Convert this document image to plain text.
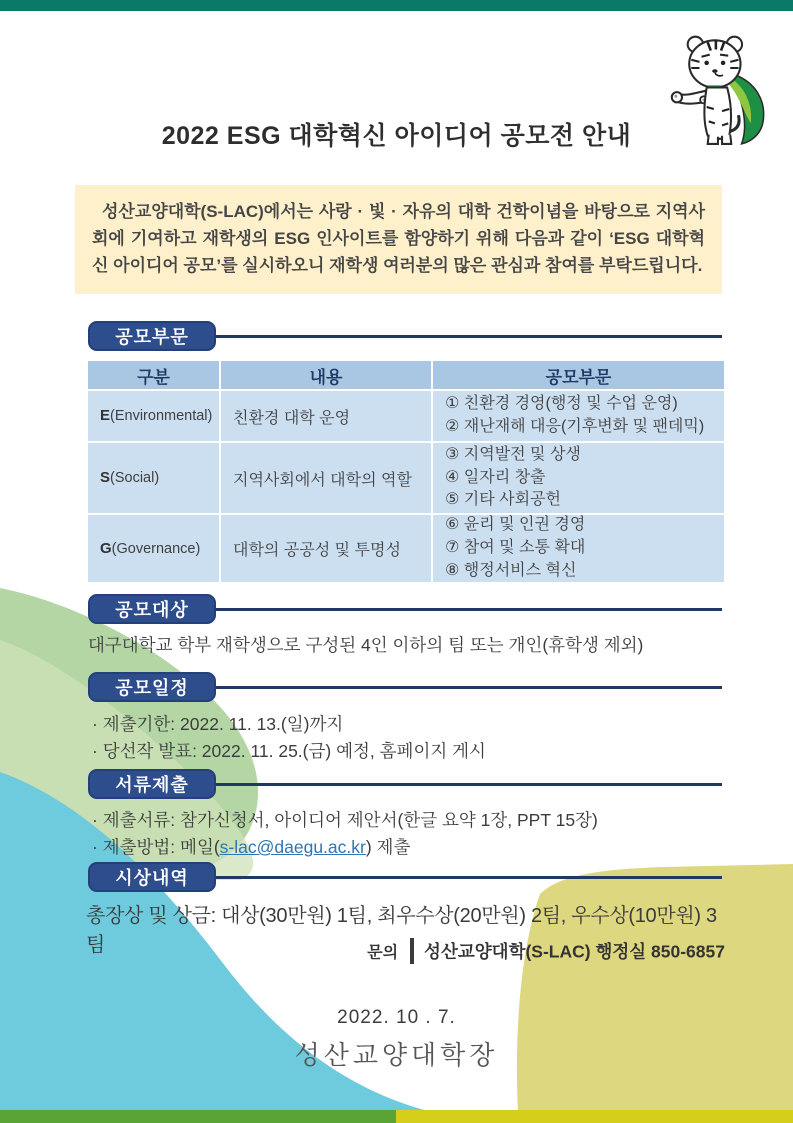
2022 ESG 대학혁신 아이디어 공모전 안내
성산교양대학(S-LAC)에서는 사랑 · 빛 · 자유의 대학 건학이념을 바탕으로 지역사회에 기여하고 재학생의 ESG 인사이트를 함양하기 위해 다음과 같이 ‘ESG 대학혁신 아이디어 공모’를 실시하오니 재학생 여러분의 많은 관심과 참여를 부탁드립니다.
공모부문
구분	내용	공모부문
E(Environmental)	친환경 대학 운영
① 친환경 경영(행정 및 수업 운영)
② 재난재해 대응(기후변화 및 팬데믹)
S(Social)	지역사회에서 대학의 역할
③ 지역발전 및 상생
④ 일자리 창출
⑤ 기타 사회공헌
G(Governance)	대학의 공공성 및 투명성
⑥ 윤리 및 인권 경영
⑦ 참여 및 소통 확대
⑧ 행정서비스 혁신
공모대상
대구대학교 학부 재학생으로 구성된 4인 이하의 팀 또는 개인(휴학생 제외)
공모일정
· 제출기한: 2022. 11. 13.(일)까지
· 당선작 발표: 2022. 11. 25.(금) 예정, 홈페이지 게시
서류제출
· 제출서류: 참가신청서, 아이디어 제안서(한글 요약 1장, PPT 15장)
· 제출방법: 메일(s-lac@daegu.ac.kr) 제출
시상내역
총장상 및 상금: 대상(30만원) 1팀, 최우수상(20만원) 2팀, 우수상(10만원) 3팀	문의 성산교양대학(S-LAC) 행정실 850-6857
2022. 10 . 7.
성산교양대학장
